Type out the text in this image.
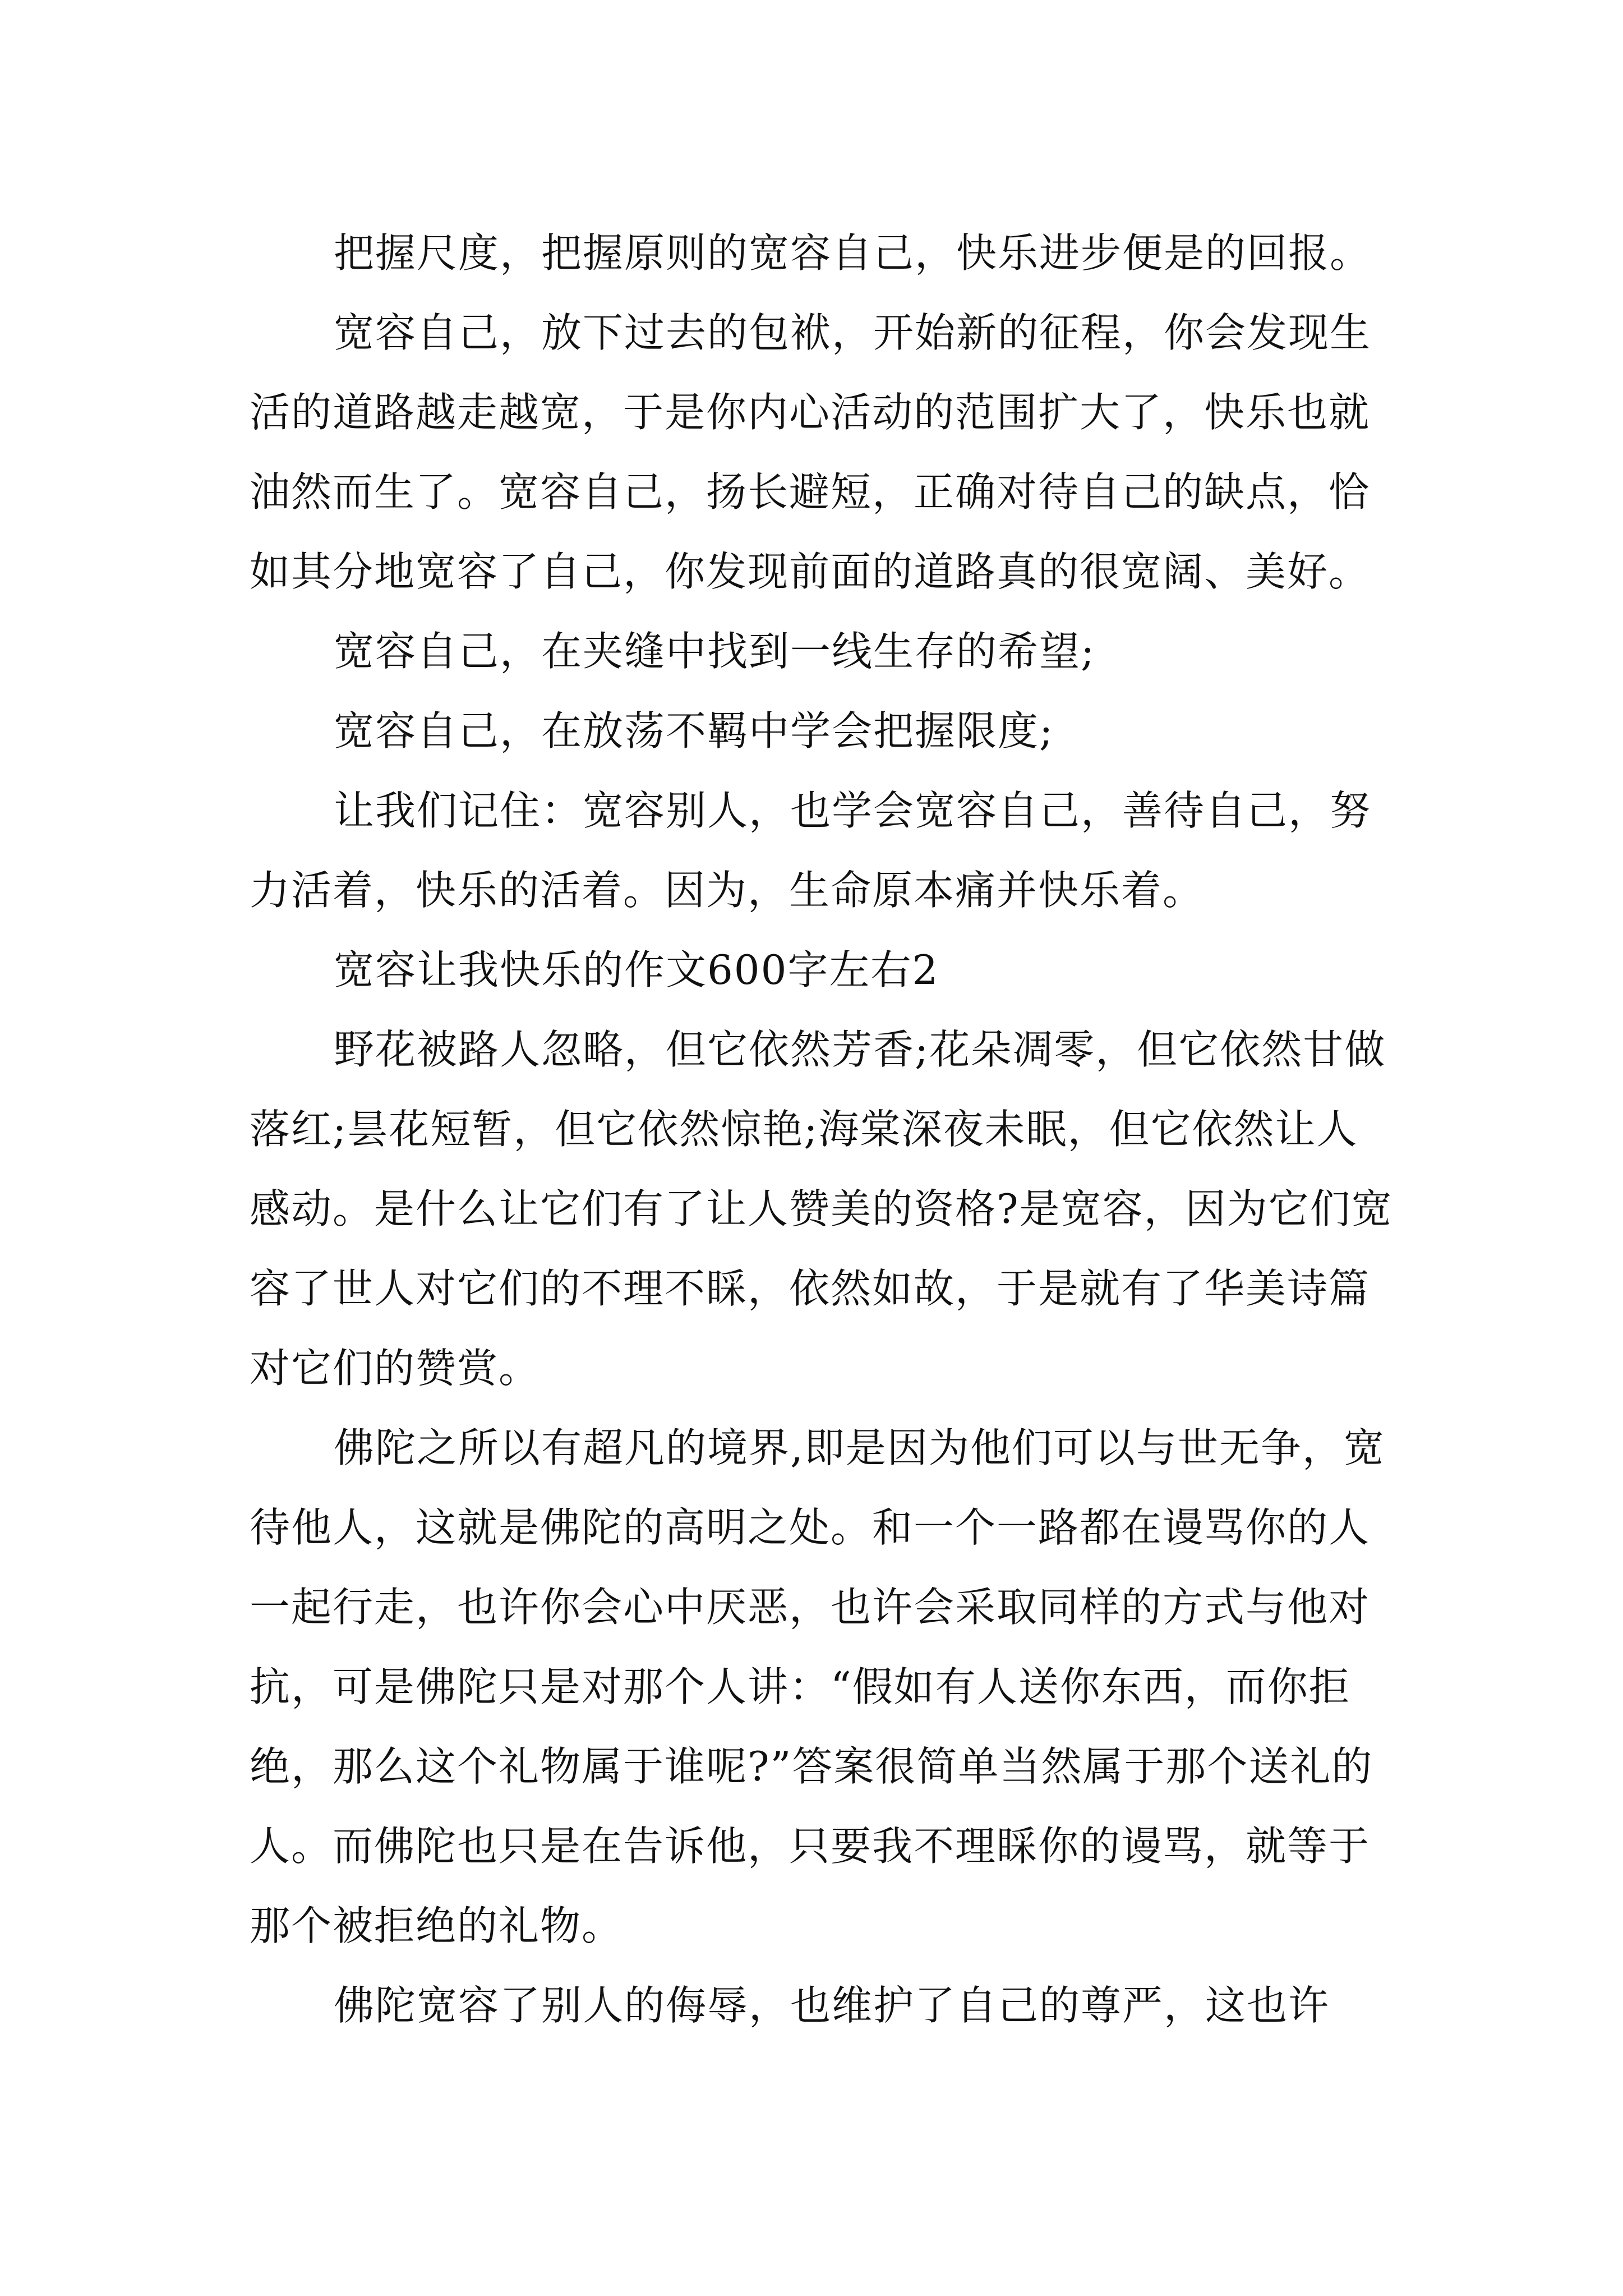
把握尺度，把握原则的宽容自己，快乐进步便是的回报。

宽容自己，放下过去的包袱，开始新的征程，你会发现生活的道路越走越宽，于是你内心活动的范围扩大了，快乐也就油然而生了。宽容自己，扬长避短，正确对待自己的缺点，恰如其分地宽容了自己，你发现前面的道路真的很宽阔、美好。

宽容自己，在夹缝中找到一线生存的希望;

宽容自己，在放荡不羁中学会把握限度;

让我们记住：宽容别人，也学会宽容自己，善待自己，努力活着，快乐的活着。因为，生命原本痛并快乐着。

宽容让我快乐的作文600字左右2

野花被路人忽略，但它依然芳香;花朵凋零，但它依然甘做落红;昙花短暂，但它依然惊艳;海棠深夜未眠，但它依然让人感动。是什么让它们有了让人赞美的资格?是宽容，因为它们宽容了世人对它们的不理不睬，依然如故，于是就有了华美诗篇对它们的赞赏。

佛陀之所以有超凡的境界,即是因为他们可以与世无争，宽待他人，这就是佛陀的高明之处。和一个一路都在谩骂你的人一起行走，也许你会心中厌恶，也许会采取同样的方式与他对抗，可是佛陀只是对那个人讲：“假如有人送你东西，而你拒绝，那么这个礼物属于谁呢?”答案很简单当然属于那个送礼的人。而佛陀也只是在告诉他，只要我不理睬你的谩骂，就等于那个被拒绝的礼物。

佛陀宽容了别人的侮辱，也维护了自己的尊严，这也许
